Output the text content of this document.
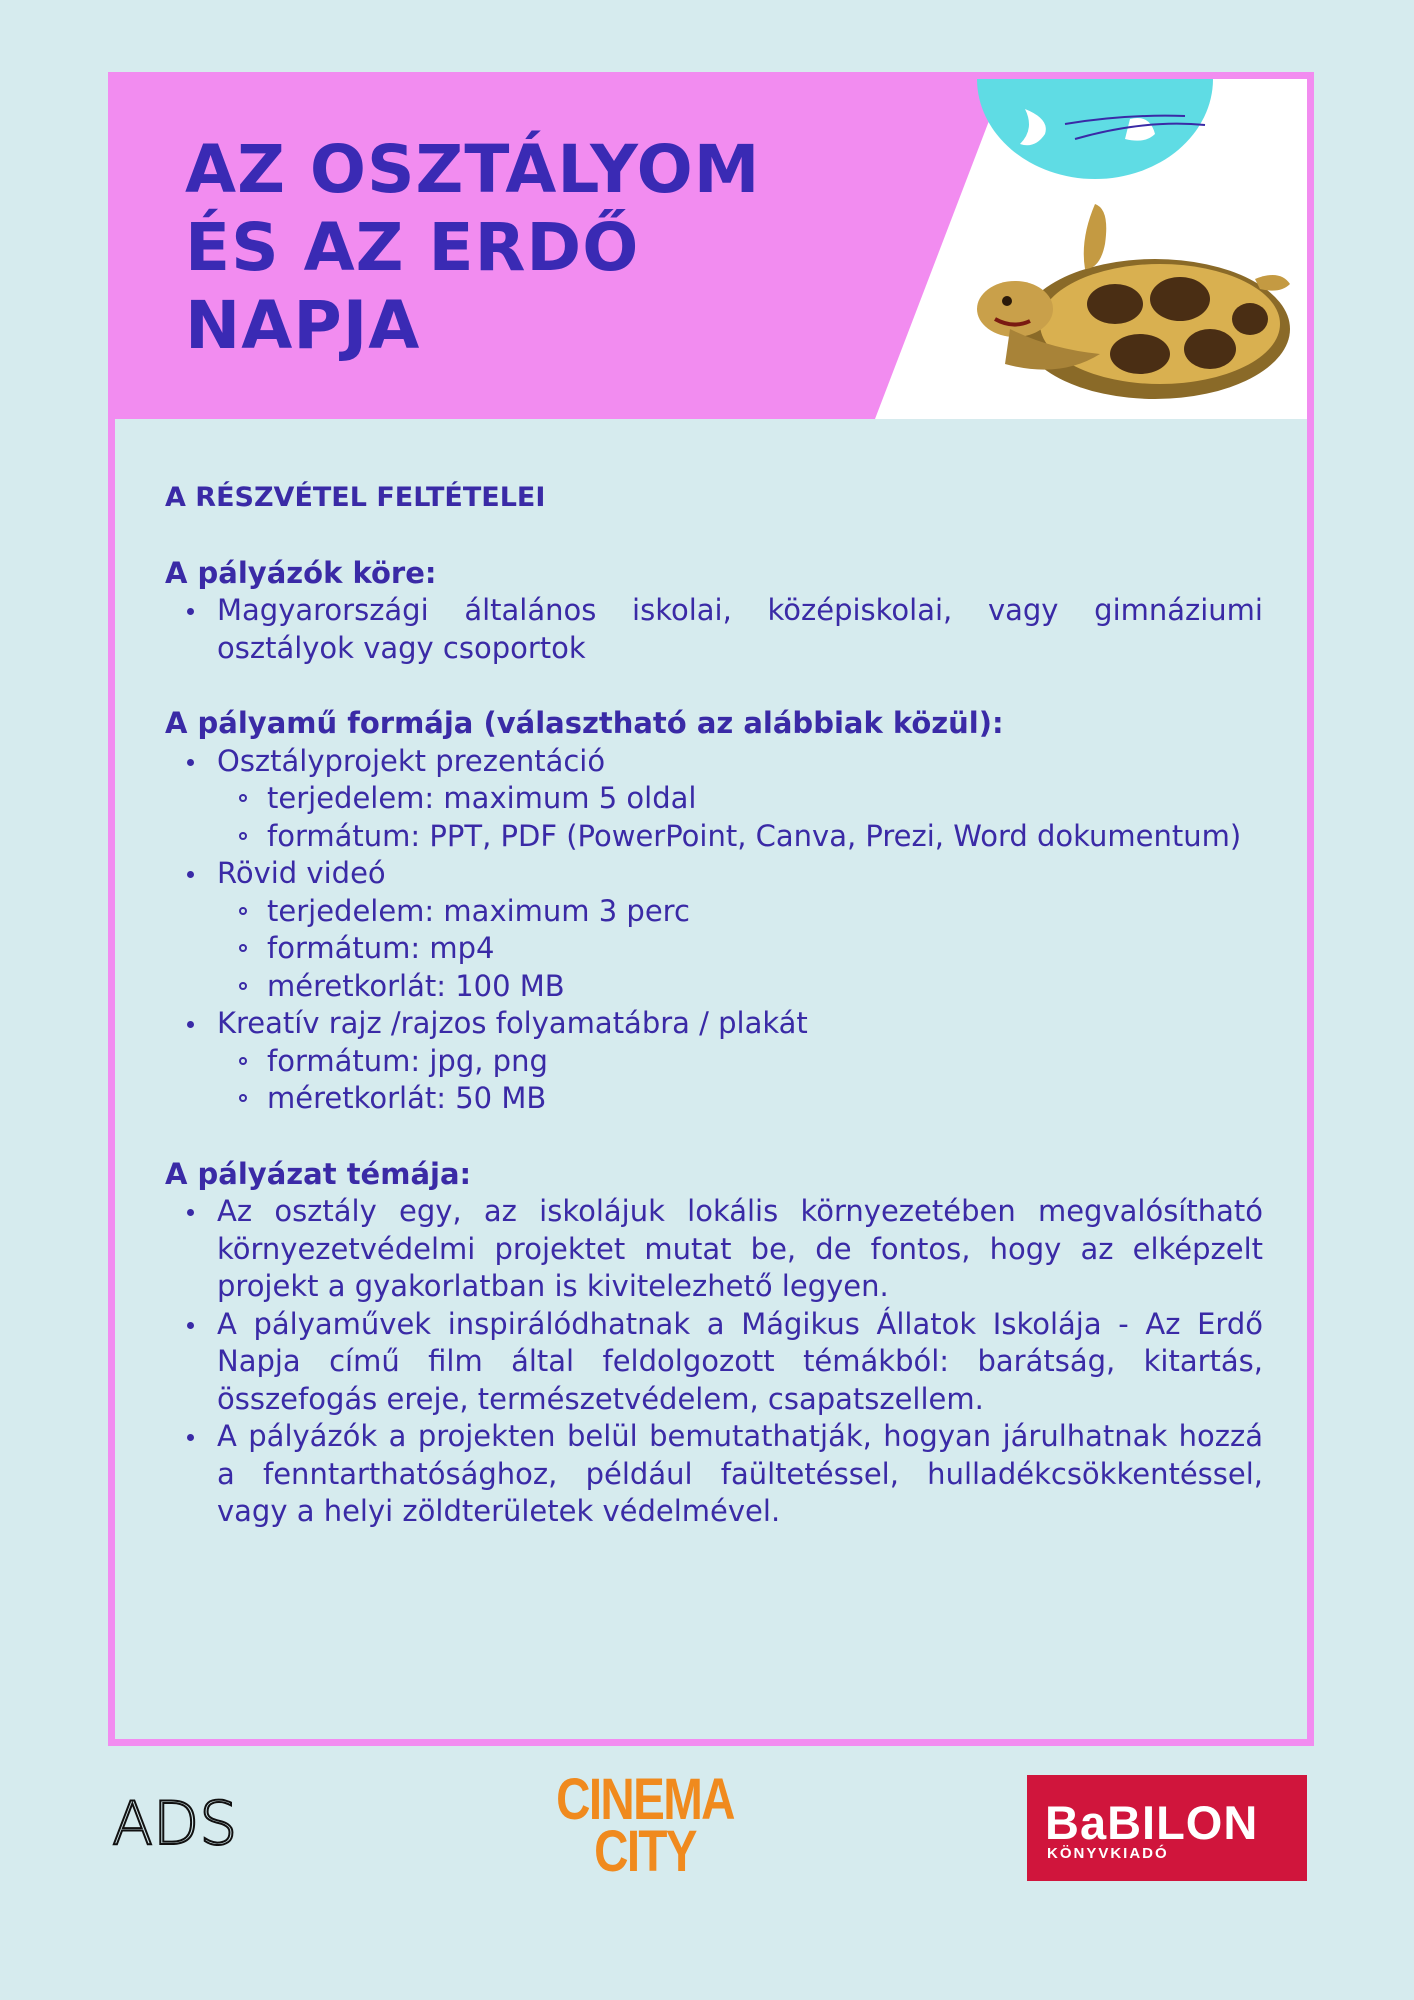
AZ OSZTÁLYOM
ÉS AZ ERDŐ
NAPJA

A RÉSZVÉTEL FELTÉTELEI

A pályázók köre:

Magyarországi általános iskolai, középiskolai, vagy gimnáziumi osztályok vagy csoportok

A pályamű formája (választható az alábbiak közül):

Osztályprojekt prezentáció
terjedelem: maximum 5 oldal
formátum: PPT, PDF (PowerPoint, Canva, Prezi, Word dokumentum)
Rövid videó
terjedelem: maximum 3 perc
formátum: mp4
méretkorlát: 100 MB
Kreatív rajz /rajzos folyamatábra / plakát
formátum: jpg, png
méretkorlát: 50 MB

A pályázat témája:

Az osztály egy, az iskolájuk lokális környezetében megvalósítható környezetvédelmi projektet mutat be, de fontos, hogy az elképzelt projekt a gyakorlatban is kivitelezhető legyen.
A pályaművek inspirálódhatnak a Mágikus Állatok Iskolája - Az Erdő Napja című film által feldolgozott témákból: barátság, kitartás, összefogás ereje, természetvédelem, csapatszellem.
A pályázók a projekten belül bemutathatják, hogyan járulhatnak hozzá a fenntarthatósághoz, például faültetéssel, hulladékcsökkentéssel, vagy a helyi zöldterületek védelmével.
ADS	CINEMA
CITY	BaBILON
KÖNYVKIADÓ
